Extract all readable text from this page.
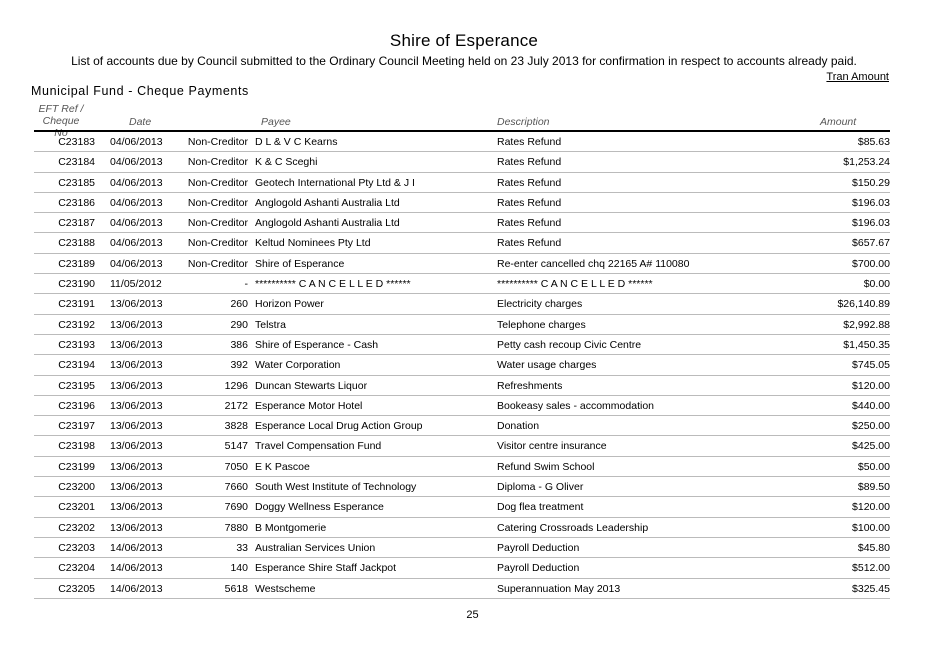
Shire of Esperance
List of accounts due by Council submitted to the Ordinary Council Meeting held on 23 July 2013 for confirmation in respect to accounts already paid.
Tran Amount
Municipal Fund - Cheque Payments
EFT Ref /
Cheque No
Date	Payee	Description	Amount
C23183 04/06/2013	Non-Creditor D L & V C Kearns	Rates Refund	$85.63
C23184 04/06/2013	Non-Creditor K & C Sceghi	Rates Refund	$1,253.24
C23185 04/06/2013	Non-Creditor Geotech International Pty Ltd & J I	Rates Refund	$150.29
C23186 04/06/2013	Non-Creditor Anglogold Ashanti Australia Ltd	Rates Refund	$196.03
C23187 04/06/2013	Non-Creditor Anglogold Ashanti Australia Ltd	Rates Refund	$196.03
C23188 04/06/2013	Non-Creditor Keltud Nominees Pty Ltd	Rates Refund	$657.67
C23189 04/06/2013	Non-Creditor Shire of Esperance	Re-enter cancelled chq 22165 A# 110080	$700.00
C23190 11/05/2012	- ********** C A N C E L L E D ******	********** C A N C E L L E D ******	$0.00
C23191 13/06/2013	260 Horizon Power	Electricity charges	$26,140.89
C23192 13/06/2013	290 Telstra	Telephone charges	$2,992.88
C23193 13/06/2013	386 Shire of Esperance - Cash	Petty cash recoup Civic Centre	$1,450.35
C23194 13/06/2013	392 Water Corporation	Water usage charges	$745.05
C23195 13/06/2013	1296 Duncan Stewarts Liquor	Refreshments	$120.00
C23196 13/06/2013	2172 Esperance Motor Hotel	Bookeasy sales - accommodation	$440.00
C23197 13/06/2013	3828 Esperance Local Drug Action Group	Donation	$250.00
C23198 13/06/2013	5147 Travel Compensation Fund	Visitor centre insurance	$425.00
C23199 13/06/2013	7050 E K Pascoe	Refund Swim School	$50.00
C23200 13/06/2013	7660 South West Institute of Technology	Diploma - G Oliver	$89.50
C23201 13/06/2013	7690 Doggy Wellness Esperance	Dog flea treatment	$120.00
C23202 13/06/2013	7880 B Montgomerie	Catering Crossroads Leadership	$100.00
C23203 14/06/2013	33 Australian Services Union	Payroll Deduction	$45.80
C23204 14/06/2013	140 Esperance Shire Staff Jackpot	Payroll Deduction	$512.00
C23205 14/06/2013	5618 Westscheme	Superannuation May 2013	$325.45
25
